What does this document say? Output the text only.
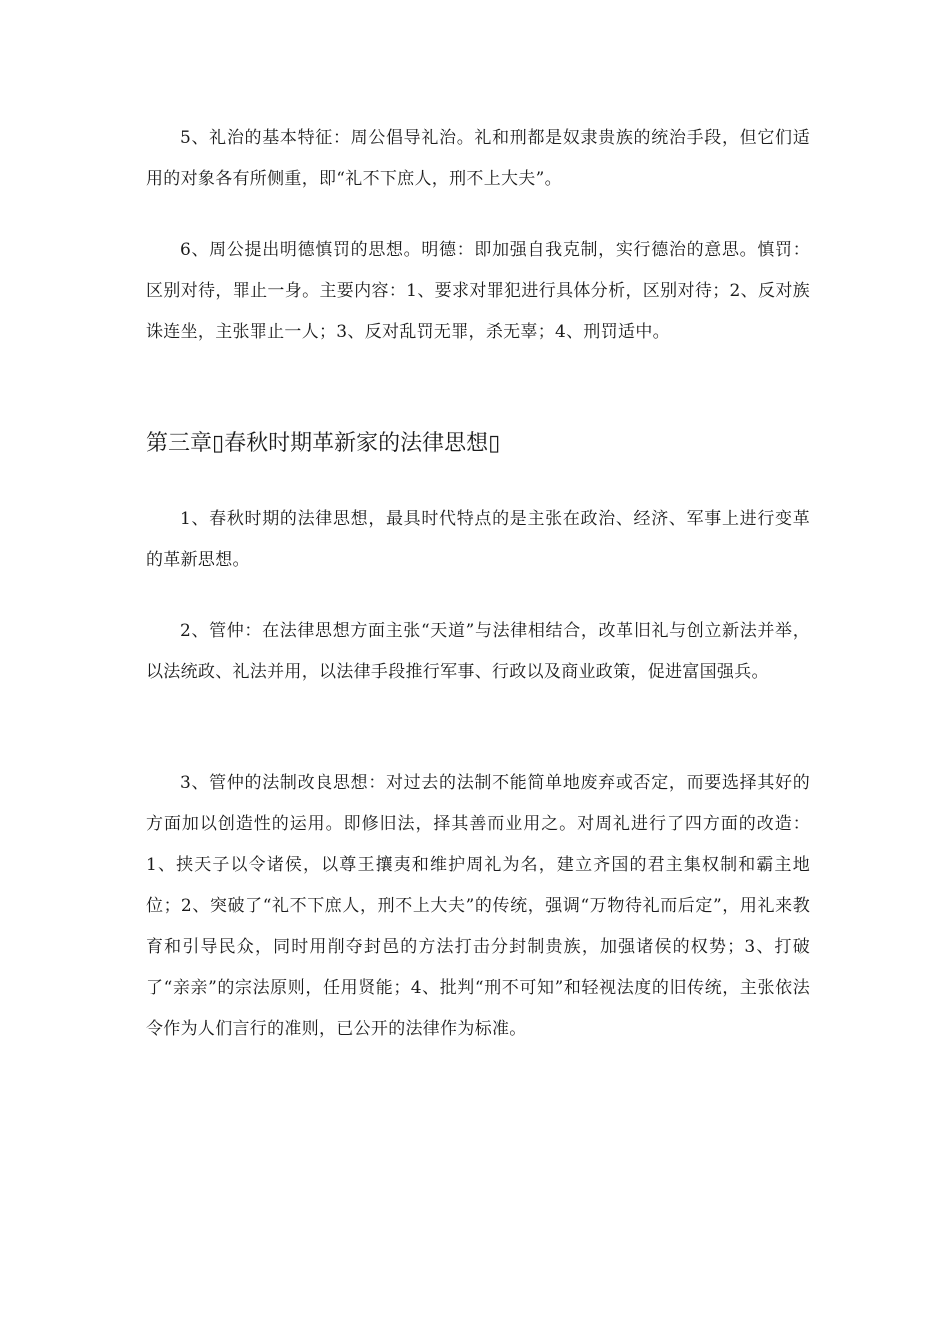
5、礼治的基本特征：周公倡导礼治。礼和刑都是奴隶贵族的统治手段，但它们适用的对象各有所侧重，即“礼不下庶人，刑不上大夫”。

6、周公提出明德慎罚的思想。明德：即加强自我克制，实行德治的意思。慎罚：区别对待，罪止一身。主要内容：1、要求对罪犯进行具体分析，区别对待；2、反对族诛连坐，主张罪止一人；3、反对乱罚无罪，杀无辜；4、刑罚适中。

第三章▯春秋时期革新家的法律思想▯

1、春秋时期的法律思想，最具时代特点的是主张在政治、经济、军事上进行变革的革新思想。

2、管仲：在法律思想方面主张“天道”与法律相结合，改革旧礼与创立新法并举，以法统政、礼法并用，以法律手段推行军事、行政以及商业政策，促进富国强兵。

3、管仲的法制改良思想：对过去的法制不能简单地废弃或否定，而要选择其好的方面加以创造性的运用。即修旧法，择其善而业用之。对周礼进行了四方面的改造：1、挟天子以令诸侯，以尊王攘夷和维护周礼为名，建立齐国的君主集权制和霸主地位；2、突破了“礼不下庶人，刑不上大夫”的传统，强调“万物待礼而后定”，用礼来教育和引导民众，同时用削夺封邑的方法打击分封制贵族，加强诸侯的权势；3、打破了“亲亲”的宗法原则，任用贤能；4、批判“刑不可知”和轻视法度的旧传统，主张依法令作为人们言行的准则，已公开的法律作为标准。
